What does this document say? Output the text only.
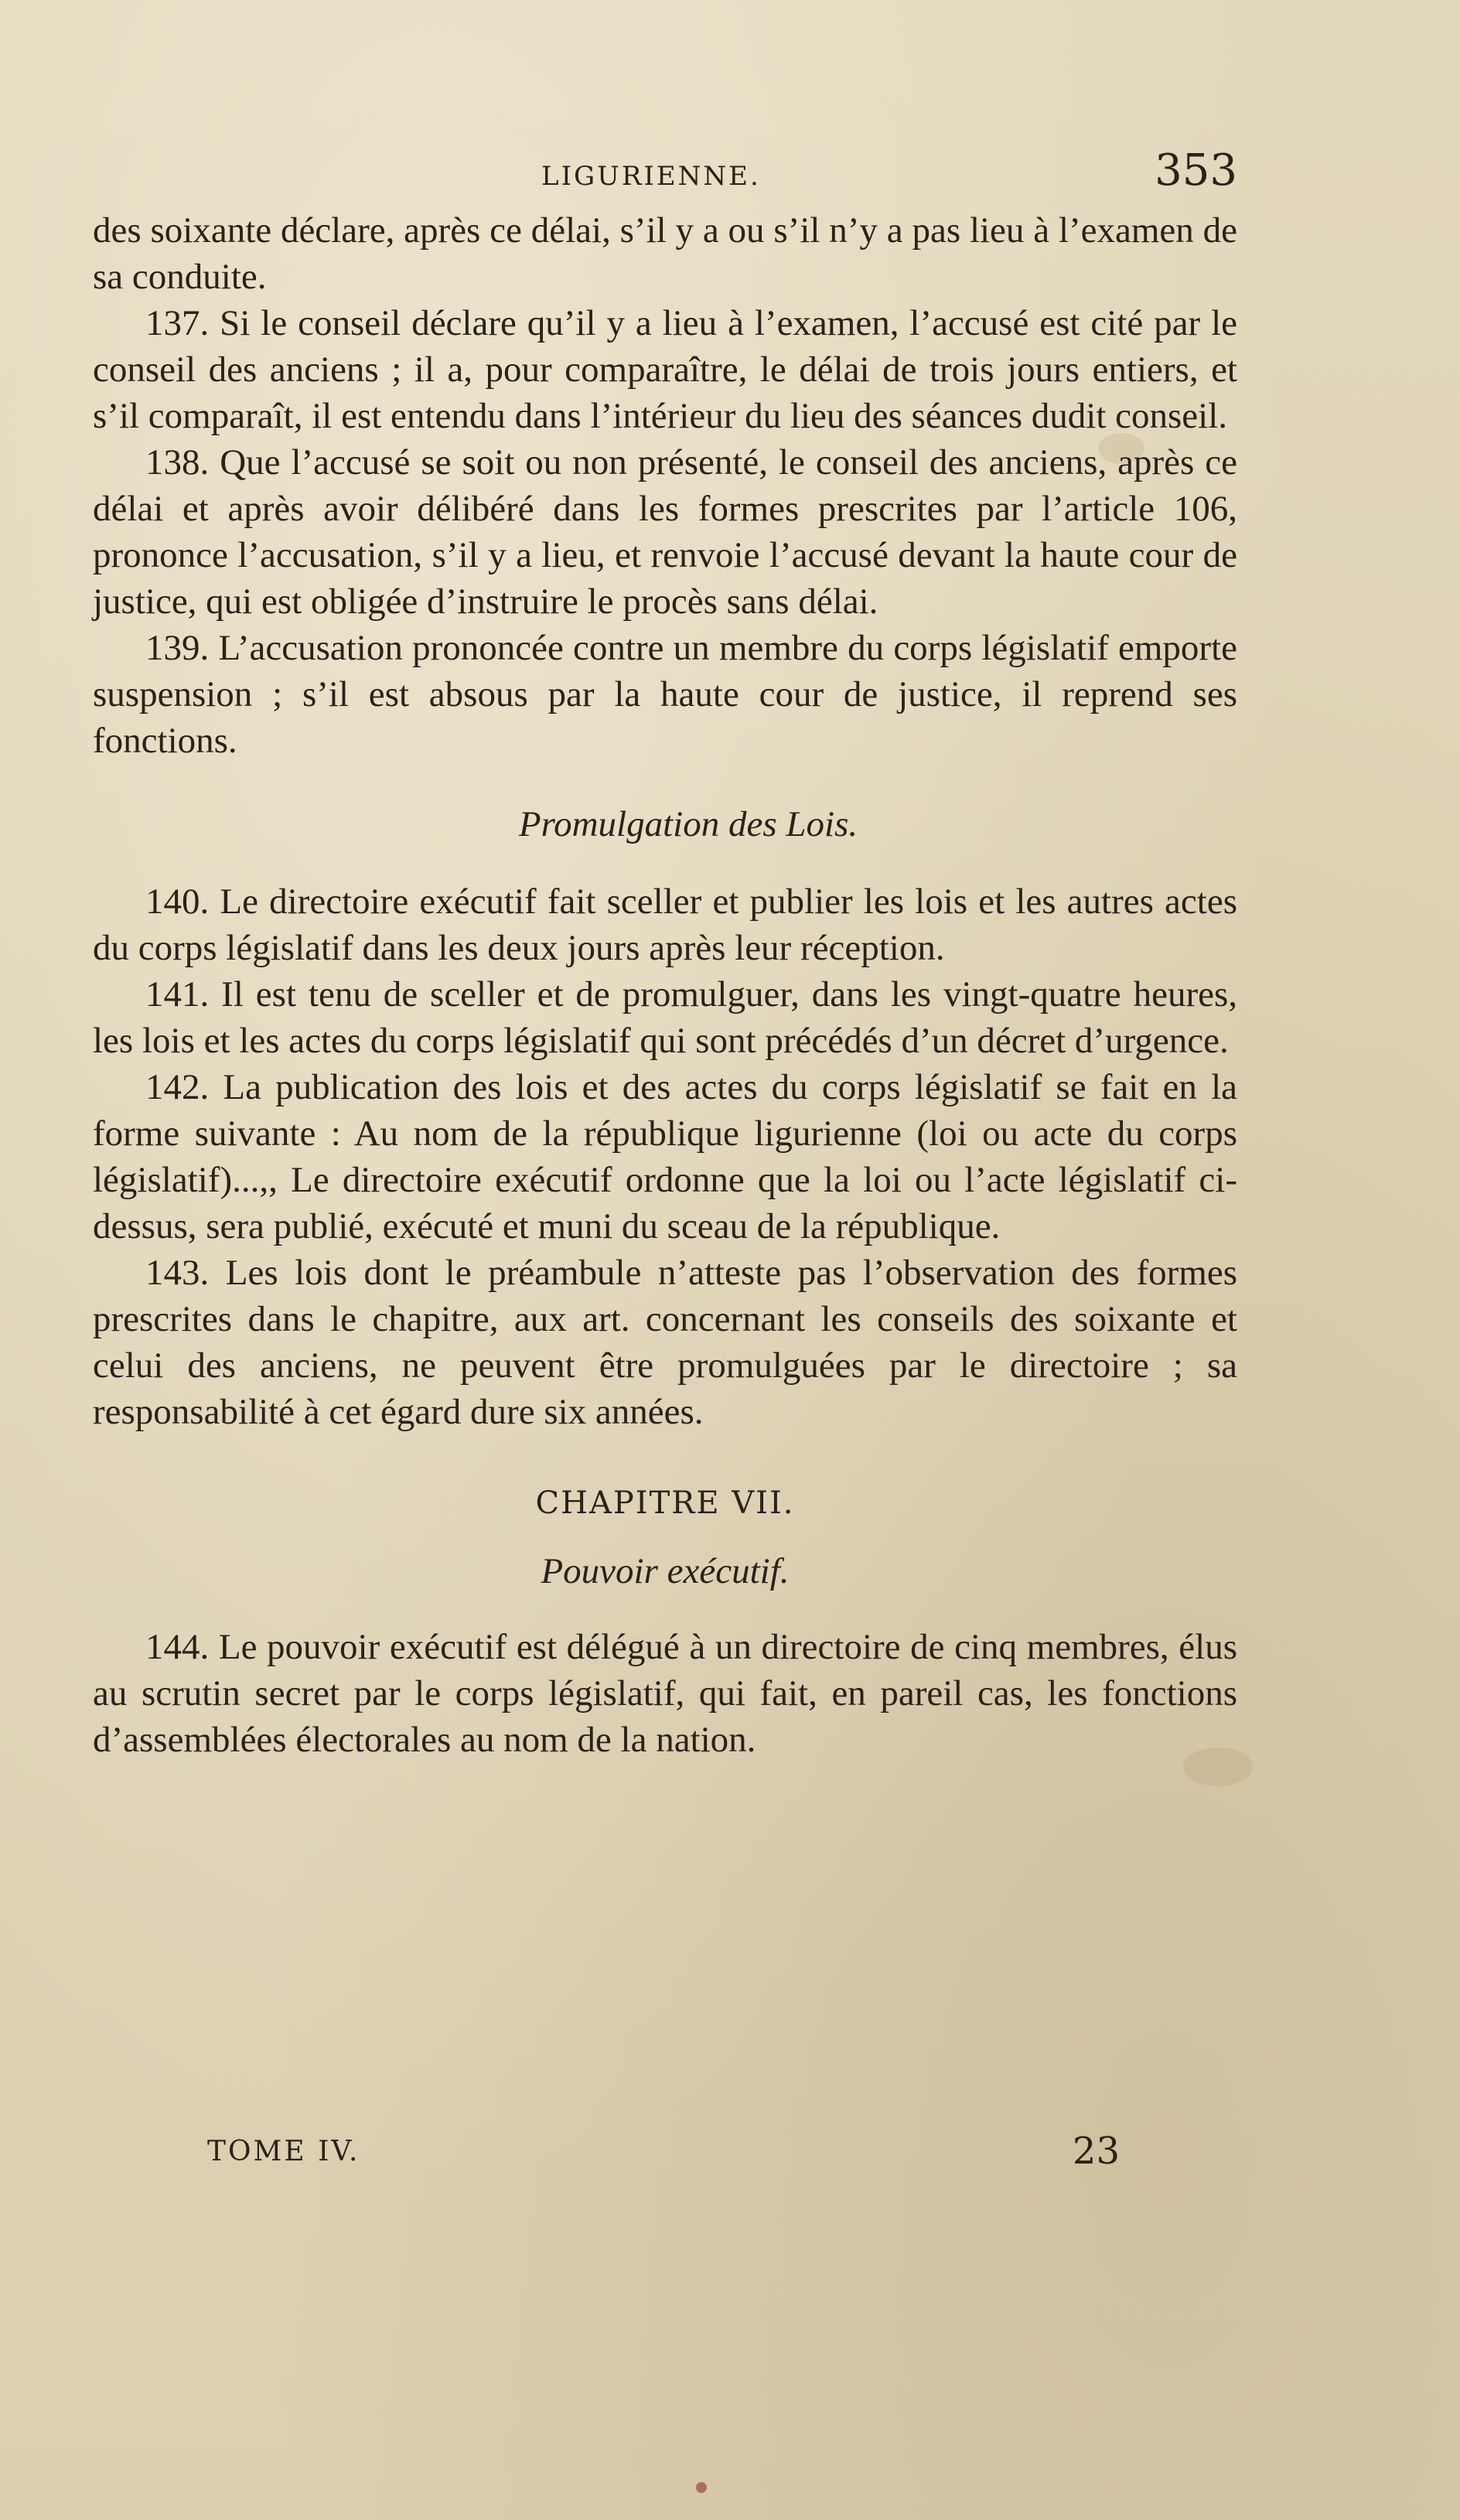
LIGURIENNE.	353

des soixante déclare, après ce délai, s’il y a ou s’il n’y a pas lieu à l’examen de sa conduite.

137. Si le conseil déclare qu’il y a lieu à l’examen, l’accusé est cité par le conseil des anciens ; il a, pour comparaître, le délai de trois jours entiers, et s’il comparaît, il est entendu dans l’intérieur du lieu des séances dudit conseil.

138. Que l’accusé se soit ou non présenté, le conseil des anciens, après ce délai et après avoir délibéré dans les formes prescrites par l’article 106, prononce l’accusation, s’il y a lieu, et renvoie l’accusé devant la haute cour de justice, qui est obligée d’instruire le procès sans délai.

139. L’accusation prononcée contre un membre du corps législatif emporte suspension ; s’il est absous par la haute cour de justice, il reprend ses fonctions.

Promulgation des Lois.

140. Le directoire exécutif fait sceller et publier les lois et les autres actes du corps législatif dans les deux jours après leur réception.

141. Il est tenu de sceller et de promulguer, dans les vingt-quatre heures, les lois et les actes du corps législatif qui sont précédés d’un décret d’urgence.

142. La publication des lois et des actes du corps législatif se fait en la forme suivante : Au nom de la république ligurienne (loi ou acte du corps législatif)...,, Le directoire exécutif ordonne que la loi ou l’acte législatif ci-dessus, sera publié, exécuté et muni du sceau de la république.

143. Les lois dont le préambule n’atteste pas l’observation des formes prescrites dans le chapitre, aux art. concernant les conseils des soixante et celui des anciens, ne peuvent être promulguées par le directoire ; sa responsabilité à cet égard dure six années.

CHAPITRE VII.
Pouvoir exécutif.

144. Le pouvoir exécutif est délégué à un directoire de cinq membres, élus au scrutin secret par le corps législatif, qui fait, en pareil cas, les fonctions d’assemblées électorales au nom de la nation.

TOME IV.	23
